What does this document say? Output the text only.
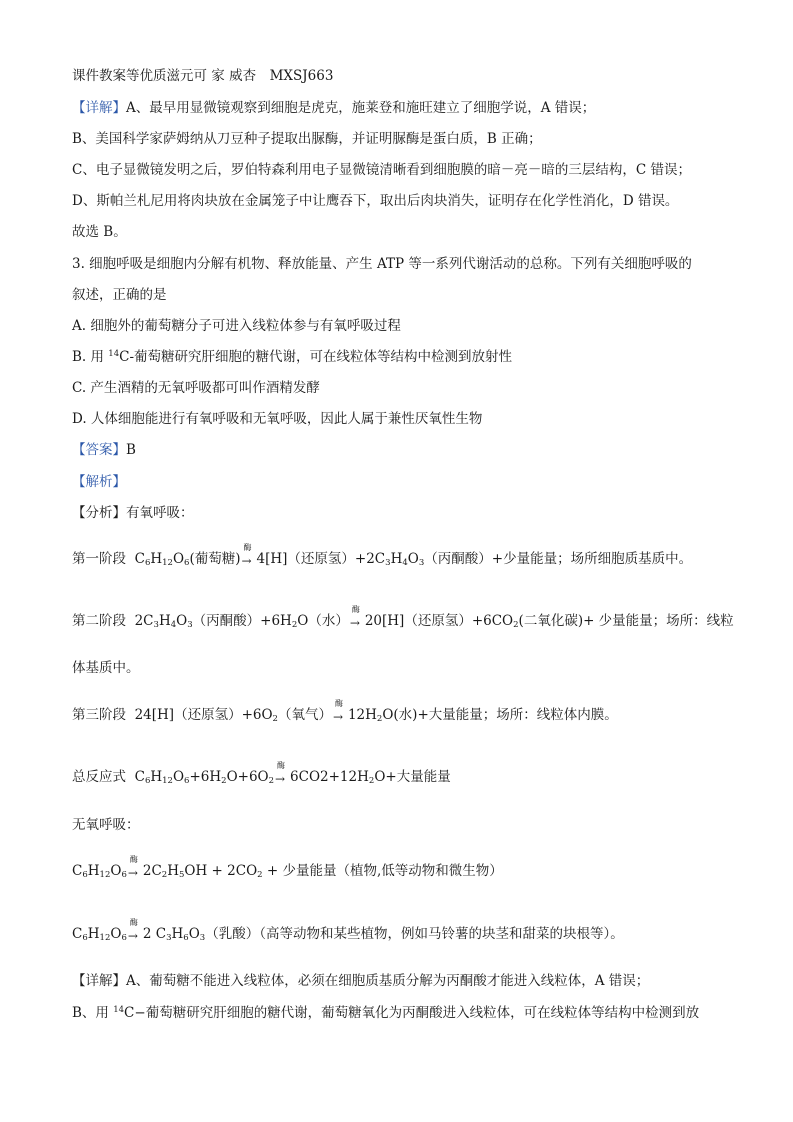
课件教案等优质滋元可 家 威杏　MXSJ663
【详解】A、最早用显微镜观察到细胞是虎克，施莱登和施旺建立了细胞学说，A 错误；
B、美国科学家萨姆纳从刀豆种子提取出脲酶，并证明脲酶是蛋白质，B 正确；
C、电子显微镜发明之后，罗伯特森利用电子显微镜清晰看到细胞膜的暗－亮－暗的三层结构，C 错误；
D、斯帕兰札尼用将肉块放在金属笼子中让鹰吞下，取出后肉块消失，证明存在化学性消化，D 错误。
故选 B。
3. 细胞呼吸是细胞内分解有机物、释放能量、产生 ATP 等一系列代谢活动的总称。下列有关细胞呼吸的
叙述，正确的是
A. 细胞外的葡萄糖分子可进入线粒体参与有氧呼吸过程
B. 用 $^{14}$C-葡萄糖研究肝细胞的糖代谢，可在线粒体等结构中检测到放射性
C. 产生酒精的无氧呼吸都可叫作酒精发酵
D. 人体细胞能进行有氧呼吸和无氧呼吸，因此人属于兼性厌氧性生物
【答案】B
【解析】
【分析】有氧呼吸：
第一阶段 $C_6H_{12}O_6$(葡萄糖)
酶
→ 4[H]（还原氢）$+2C_3H_4O_3$（丙酮酸）+少量能量；场所细胞质基质中。
第二阶段 $2C_3H_4O_3$（丙酮酸）$+6H_2O$（水）
酶
→ 20[H]（还原氢）$+6CO_2$(二氧化碳)+ 少量能量；场所：线粒
体基质中。
第三阶段 24[H]（还原氢）$+6O_2$（氧气）
酶
→ $12H_2O$(水)+大量能量；场所：线粒体内膜。
总反应式 $C_6H_{12}O_6+6H_2O+6O_2$
酶
→ $6CO2+12H_2O+$大量能量
无氧呼吸：
$C_6H_{12}O_6$
酶
→ $2C_2H_5OH + 2CO_2$ + 少量能量（植物,低等动物和微生物）
$C_6H_{12}O_6$
酶
→ 2 $C_3H_6O_3$（乳酸）（高等动物和某些植物，例如马铃薯的块茎和甜菜的块根等）。
【详解】A、葡萄糖不能进入线粒体，必须在细胞质基质分解为丙酮酸才能进入线粒体，A 错误；
B、用 $^{14}$C−葡萄糖研究肝细胞的糖代谢，葡萄糖氧化为丙酮酸进入线粒体，可在线粒体等结构中检测到放
